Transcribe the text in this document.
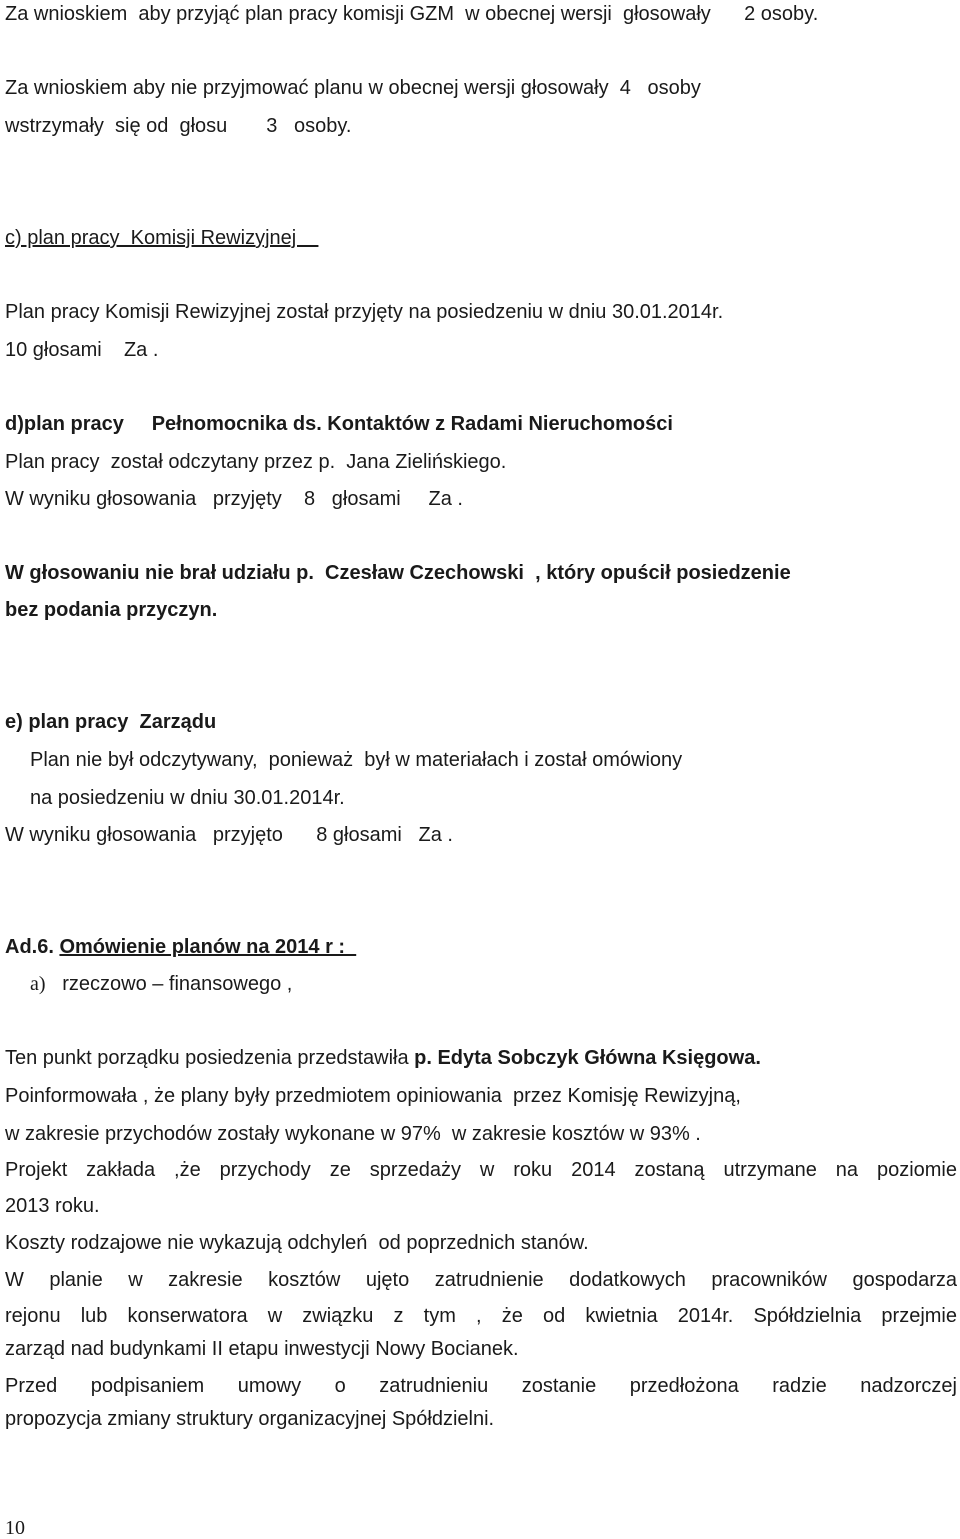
Za wnioskiem  aby przyjąć plan pracy komisji GZM  w obecnej wersji  głosowały      2 osoby.

Za wnioskiem aby nie przyjmować planu w obecnej wersji głosowały  4   osoby

wstrzymały  się od  głosu       3   osoby.

c) plan pracy  Komisji Rewizyjnej

Plan pracy Komisji Rewizyjnej został przyjęty na posiedzeniu w dniu 30.01.2014r.

10 głosami    Za .

d)plan pracy     Pełnomocnika ds. Kontaktów z Radami Nieruchomości

Plan pracy  został odczytany przez p.  Jana Zielińskiego.

W wyniku głosowania   przyjęty    8   głosami     Za .

W głosowaniu nie brał udziału p.  Czesław Czechowski  , który opuścił posiedzenie

bez podania przyczyn.

e) plan pracy  Zarządu

Plan nie był odczytywany,  ponieważ  był w materiałach i został omówiony

na posiedzeniu w dniu 30.01.2014r.

W wyniku głosowania   przyjęto      8 głosami   Za .

Ad.6. Omówienie planów na 2014 r :

a)   rzeczowo – finansowego ,

Ten punkt porządku posiedzenia przedstawiła p. Edyta Sobczyk Główna Księgowa.

Poinformowała , że plany były przedmiotem opiniowania  przez Komisję Rewizyjną,

w zakresie przychodów zostały wykonane w 97%  w zakresie kosztów w 93% .

Projekt zakłada ,że przychody ze sprzedaży w roku 2014 zostaną utrzymane na poziomie

2013 roku.

Koszty rodzajowe nie wykazują odchyleń  od poprzednich stanów.

W planie w zakresie kosztów ujęto zatrudnienie dodatkowych pracowników gospodarza

rejonu lub konserwatora w związku z tym , że od kwietnia 2014r. Spółdzielnia przejmie

zarząd nad budynkami II etapu inwestycji Nowy Bocianek.

Przed podpisaniem umowy o zatrudnieniu zostanie przedłożona radzie nadzorczej

propozycja zmiany struktury organizacyjnej Spółdzielni.

10
